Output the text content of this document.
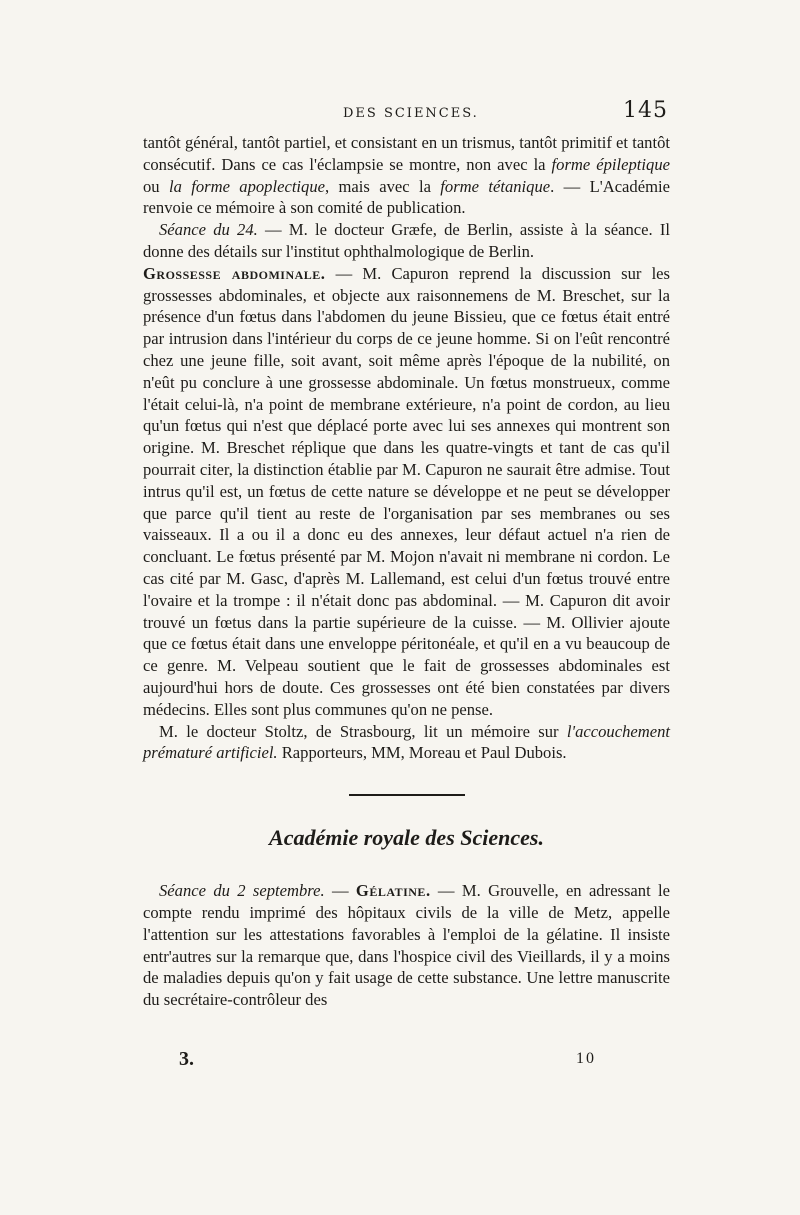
DES SCIENCES.	145

tantôt général, tantôt partiel, et consistant en un trismus, tantôt primitif et tantôt consécutif. Dans ce cas l'éclampsie se montre, non avec la forme épileptique ou la forme apoplectique, mais avec la forme tétanique. — L'Académie renvoie ce mémoire à son comité de publication.

Séance du 24. — M. le docteur Græfe, de Berlin, assiste à la séance. Il donne des détails sur l'institut ophthalmologique de Berlin.

Grossesse abdominale. — M. Capuron reprend la discussion sur les grossesses abdominales, et objecte aux raisonnemens de M. Breschet, sur la présence d'un fœtus dans l'abdomen du jeune Bissieu, que ce fœtus était entré par intrusion dans l'intérieur du corps de ce jeune homme. Si on l'eût rencontré chez une jeune fille, soit avant, soit même après l'époque de la nubilité, on n'eût pu conclure à une grossesse abdominale. Un fœtus monstrueux, comme l'était celui-là, n'a point de membrane extérieure, n'a point de cordon, au lieu qu'un fœtus qui n'est que déplacé porte avec lui ses annexes qui montrent son origine. M. Breschet réplique que dans les quatre-vingts et tant de cas qu'il pourrait citer, la distinction établie par M. Capuron ne saurait être admise. Tout intrus qu'il est, un fœtus de cette nature se développe et ne peut se développer que parce qu'il tient au reste de l'organisation par ses membranes ou ses vaisseaux. Il a ou il a donc eu des annexes, leur défaut actuel n'a rien de concluant. Le fœtus présenté par M. Mojon n'avait ni membrane ni cordon. Le cas cité par M. Gasc, d'après M. Lallemand, est celui d'un fœtus trouvé entre l'ovaire et la trompe : il n'était donc pas abdominal. — M. Capuron dit avoir trouvé un fœtus dans la partie supérieure de la cuisse. — M. Ollivier ajoute que ce fœtus était dans une enveloppe péritonéale, et qu'il en a vu beaucoup de ce genre. M. Velpeau soutient que le fait de grossesses abdominales est aujourd'hui hors de doute. Ces grossesses ont été bien constatées par divers médecins. Elles sont plus communes qu'on ne pense.

M. le docteur Stoltz, de Strasbourg, lit un mémoire sur l'accouchement prématuré artificiel. Rapporteurs, MM, Moreau et Paul Dubois.

Académie royale des Sciences.

Séance du 2 septembre. — Gélatine. — M. Grouvelle, en adressant le compte rendu imprimé des hôpitaux civils de la ville de Metz, appelle l'attention sur les attestations favorables à l'emploi de la gélatine. Il insiste entr'autres sur la remarque que, dans l'hospice civil des Vieillards, il y a moins de maladies depuis qu'on y fait usage de cette substance. Une lettre manuscrite du secrétaire-contrôleur des

3.	10
